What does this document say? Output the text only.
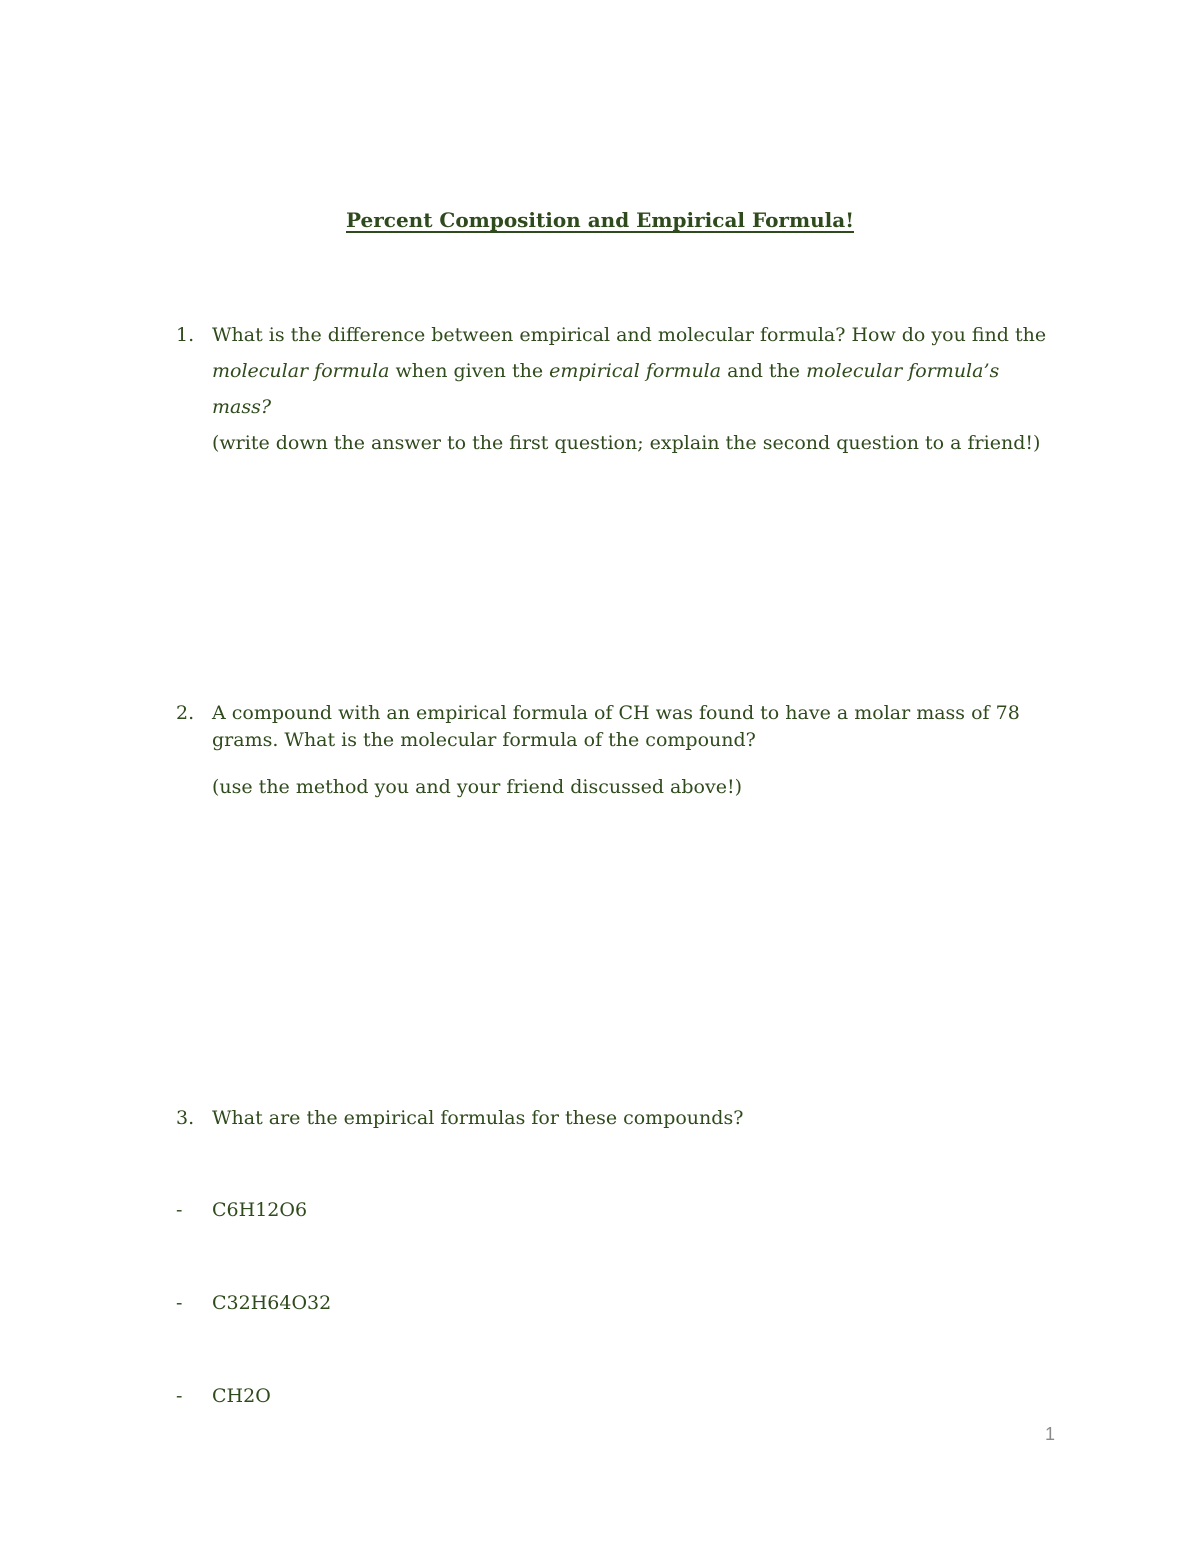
Percent Composition and Empirical Formula!
1. What is the difference between empirical and molecular formula? How do you find the molecular formula when given the empirical formula and the molecular formula’s mass?
(write down the answer to the first question; explain the second question to a friend!)
2. A compound with an empirical formula of CH was found to have a molar mass of 78 grams. What is the molecular formula of the compound?
(use the method you and your friend discussed above!)
3. What are the empirical formulas for these compounds?
-	C6H12O6
-	C32H64O32
-	CH2O
1
